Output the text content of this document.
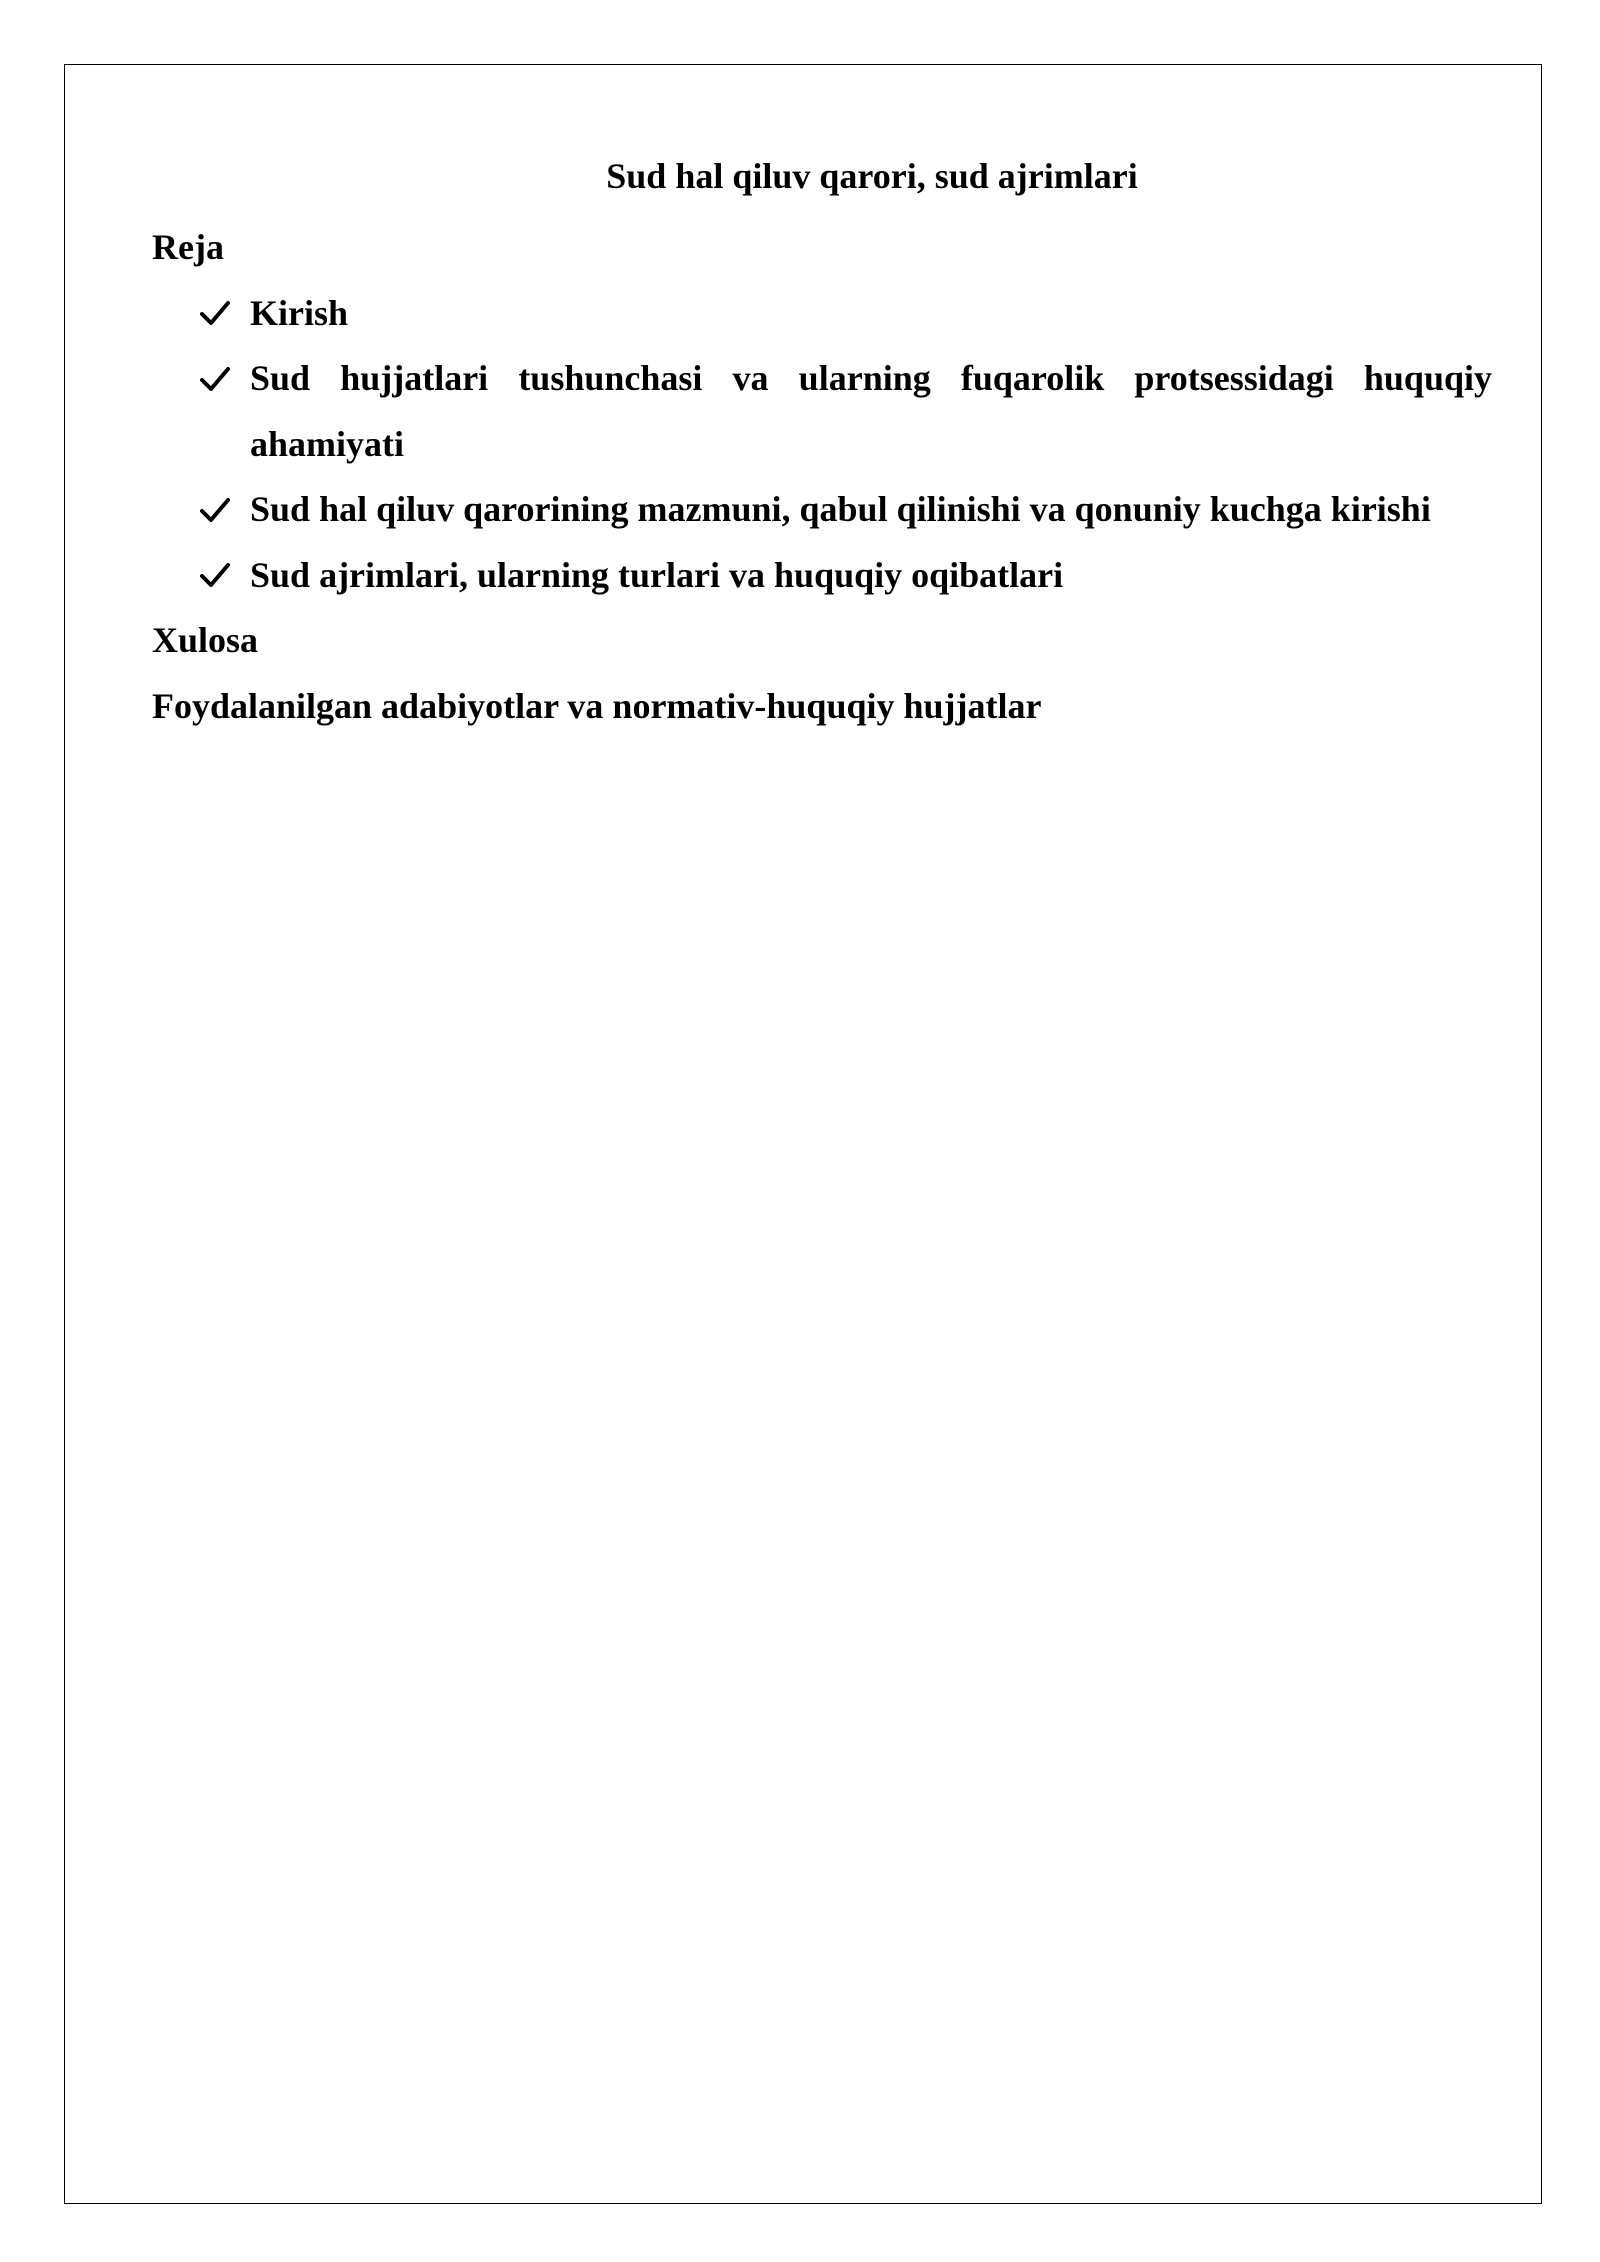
Sud hal qiluv qarori, sud ajrimlari

Reja

Kirish
Sud hujjatlari tushunchasi va ularning fuqarolik protsessidagi huquqiy ahamiyati
Sud hal qiluv qarorining mazmuni, qabul qilinishi va qonuniy kuchga kirishi
Sud ajrimlari, ularning turlari va huquqiy oqibatlari

Xulosa

Foydalanilgan adabiyotlar va normativ-huquqiy hujjatlar
